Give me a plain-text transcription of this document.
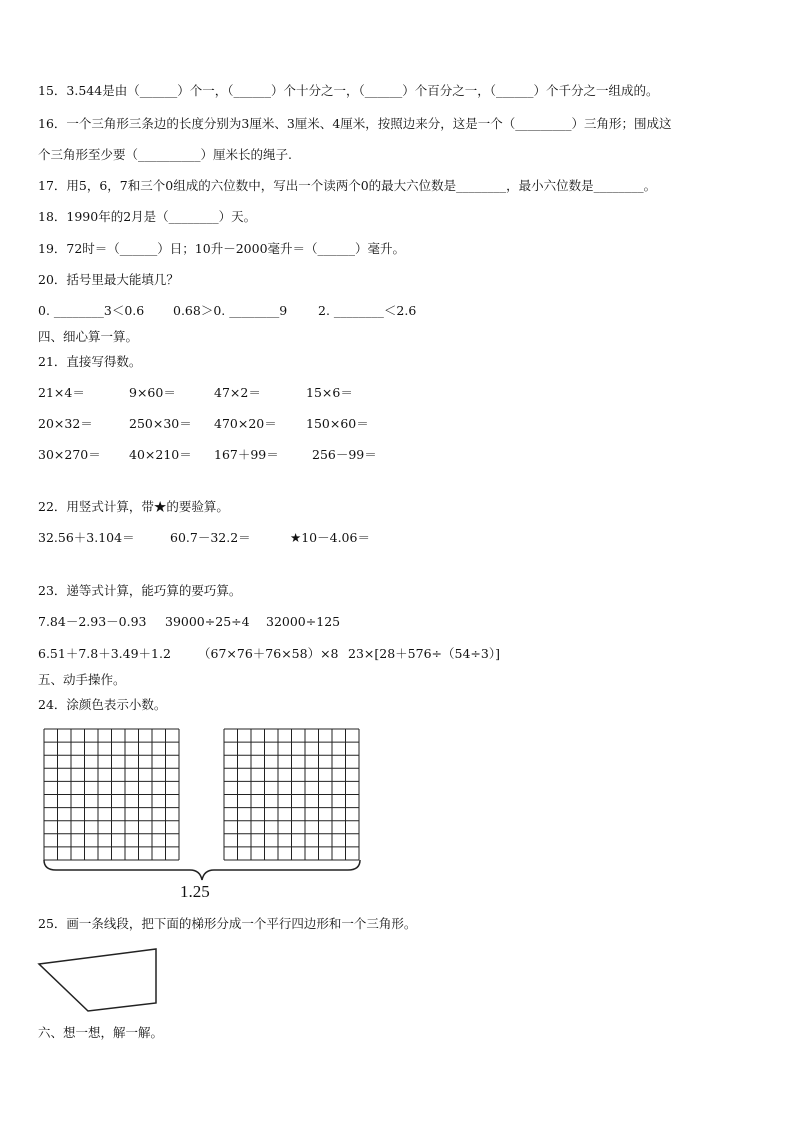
15．3.544是由（______）个一，（______）个十分之一，（______）个百分之一，（______）个千分之一组成的。
16．一个三角形三条边的长度分别为3厘米、3厘米、4厘米，按照边来分，这是一个（_________）三角形；围成这
个三角形至少要（__________）厘米长的绳子.
17．用5，6，7和三个0组成的六位数中，写出一个读两个0的最大六位数是________，最小六位数是________。
18．1990年的2月是（________）天。
19．72时＝（______）日；10升－2000毫升＝（______）毫升。
20．括号里最大能填几？
0. ________3＜0.6 0.68＞0. ________9 2. ________＜2.6
四、细心算一算。
21．直接写得数。
21×4＝	9×60＝	47×2＝	15×6＝
20×32＝	250×30＝ 470×20＝ 150×60＝
30×270＝ 40×210＝ 167＋99＝	256－99＝
22．用竖式计算，带★的要验算。
32.56＋3.104＝	60.7－32.2＝	★10－4.06＝
23．递等式计算，能巧算的要巧算。
7.84－2.93－0.93 39000÷25÷4 32000÷125
6.51＋7.8＋3.49＋1.2 （67×76＋76×58）×8 23×[28＋576÷（54÷3）]
五、动手操作。
24．涂颜色表示小数。
1.25
25．画一条线段，把下面的梯形分成一个平行四边形和一个三角形。
六、想一想，解一解。
